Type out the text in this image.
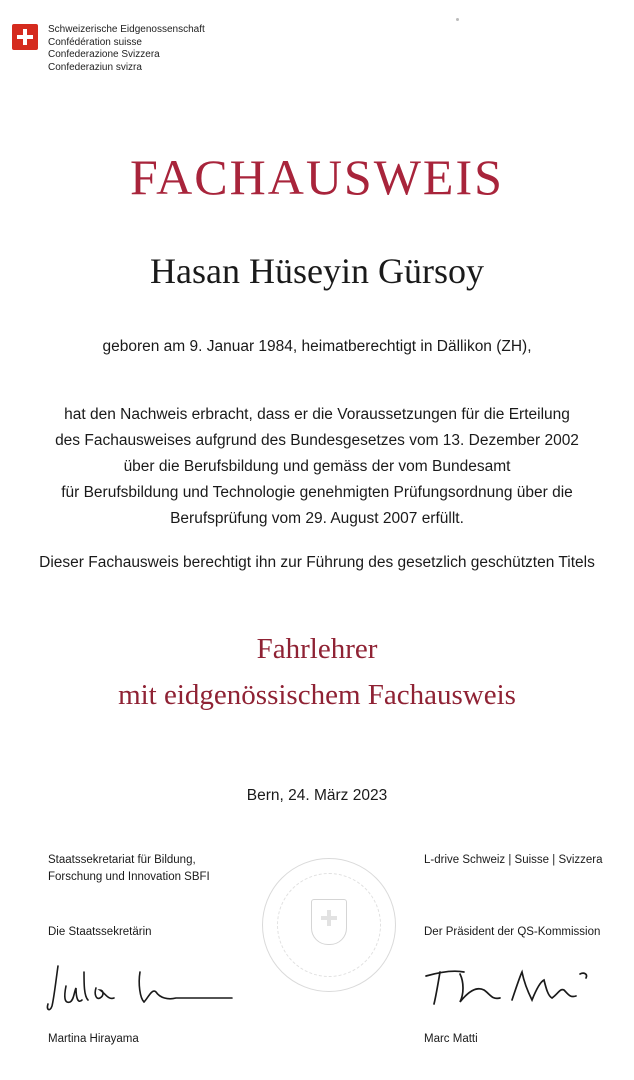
Schweizerische Eidgenossenschaft
Confédération suisse
Confederazione Svizzera
Confederaziun svizra
FACHAUSWEIS
Hasan Hüseyin Gürsoy
geboren am 9. Januar 1984, heimatberechtigt in Dällikon (ZH),
hat den Nachweis erbracht, dass er die Voraussetzungen für die Erteilung
des Fachausweises aufgrund des Bundesgesetzes vom 13. Dezember 2002
über die Berufsbildung und gemäss der vom Bundesamt
für Berufsbildung und Technologie genehmigten Prüfungsordnung über die
Berufsprüfung vom 29. August 2007 erfüllt.
Dieser Fachausweis berechtigt ihn zur Führung des gesetzlich geschützten Titels
Fahrlehrer
mit eidgenössischem Fachausweis
Bern, 24. März 2023
Staatssekretariat für Bildung,
Forschung und Innovation SBFI
Die Staatssekretärin
Martina Hirayama
L-drive Schweiz | Suisse | Svizzera
Der Präsident der QS-Kommission
Marc Matti
